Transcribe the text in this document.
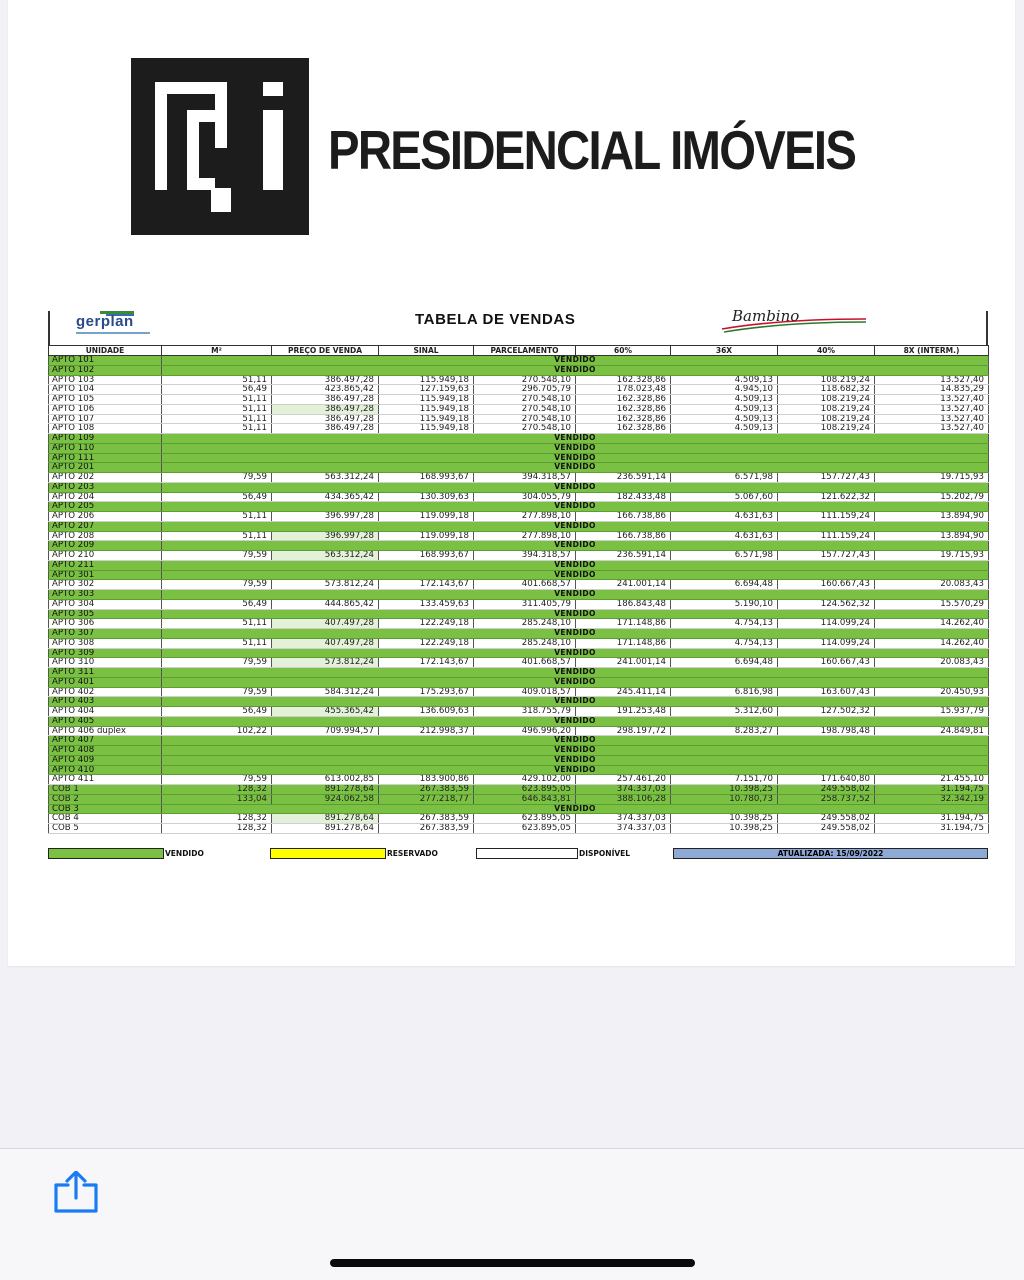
PRESIDENCIAL IMÓVEIS
gerplan	TABELA DE VENDAS	Bambino
UNIDADE	M²	PREÇO DE VENDA	SINAL	PARCELAMENTO	60%	36X	40%	8X (INTERM.)
APTO 101	VENDIDO							
APTO 102	VENDIDO							
APTO 103	51,11	386.497,28	115.949,18	270.548,10	162.328,86	4.509,13	108.219,24	13.527,40
APTO 104	56,49	423.865,42	127.159,63	296.705,79	178.023,48	4.945,10	118.682,32	14.835,29
APTO 105	51,11	386.497,28	115.949,18	270.548,10	162.328,86	4.509,13	108.219,24	13.527,40
APTO 106	51,11	386.497,28	115.949,18	270.548,10	162.328,86	4.509,13	108.219,24	13.527,40
APTO 107	51,11	386.497,28	115.949,18	270.548,10	162.328,86	4.509,13	108.219,24	13.527,40
APTO 108	51,11	386.497,28	115.949,18	270.548,10	162.328,86	4.509,13	108.219,24	13.527,40
APTO 109	VENDIDO							
APTO 110	VENDIDO							
APTO 111	VENDIDO							
APTO 201	VENDIDO							
APTO 202	79,59	563.312,24	168.993,67	394.318,57	236.591,14	6.571,98	157.727,43	19.715,93
APTO 203	VENDIDO							
APTO 204	56,49	434.365,42	130.309,63	304.055,79	182.433,48	5.067,60	121.622,32	15.202,79
APTO 205	VENDIDO							
APTO 206	51,11	396.997,28	119.099,18	277.898,10	166.738,86	4.631,63	111.159,24	13.894,90
APTO 207	VENDIDO							
APTO 208	51,11	396.997,28	119.099,18	277.898,10	166.738,86	4.631,63	111.159,24	13.894,90
APTO 209	VENDIDO							
APTO 210	79,59	563.312,24	168.993,67	394.318,57	236.591,14	6.571,98	157.727,43	19.715,93
APTO 211	VENDIDO							
APTO 301	VENDIDO							
APTO 302	79,59	573.812,24	172.143,67	401.668,57	241.001,14	6.694,48	160.667,43	20.083,43
APTO 303	VENDIDO							
APTO 304	56,49	444.865,42	133.459,63	311.405,79	186.843,48	5.190,10	124.562,32	15.570,29
APTO 305	VENDIDO							
APTO 306	51,11	407.497,28	122.249,18	285.248,10	171.148,86	4.754,13	114.099,24	14.262,40
APTO 307	VENDIDO							
APTO 308	51,11	407.497,28	122.249,18	285.248,10	171.148,86	4.754,13	114.099,24	14.262,40
APTO 309	VENDIDO							
APTO 310	79,59	573.812,24	172.143,67	401.668,57	241.001,14	6.694,48	160.667,43	20.083,43
APTO 311	VENDIDO							
APTO 401	VENDIDO							
APTO 402	79,59	584.312,24	175.293,67	409.018,57	245.411,14	6.816,98	163.607,43	20.450,93
APTO 403	VENDIDO							
APTO 404	56,49	455.365,42	136.609,63	318.755,79	191.253,48	5.312,60	127.502,32	15.937,79
APTO 405	VENDIDO							
APTO 406 duplex	102,22	709.994,57	212.998,37	496.996,20	298.197,72	8.283,27	198.798,48	24.849,81
APTO 407	VENDIDO							
APTO 408	VENDIDO							
APTO 409	VENDIDO							
APTO 410	VENDIDO							
APTO 411	79,59	613.002,85	183.900,86	429.102,00	257.461,20	7.151,70	171.640,80	21.455,10
COB 1	128,32	891.278,64	267.383,59	623.895,05	374.337,03	10.398,25	249.558,02	31.194,75
COB 2	133,04	924.062,58	277.218,77	646.843,81	388.106,28	10.780,73	258.737,52	32.342,19
COB 3	VENDIDO							
COB 4	128,32	891.278,64	267.383,59	623.895,05	374.337,03	10.398,25	249.558,02	31.194,75
COB 5	128,32	891.278,64	267.383,59	623.895,05	374.337,03	10.398,25	249.558,02	31.194,75
VENDIDO	RESERVADO	DISPONÍVEL	ATUALIZADA: 15/09/2022
